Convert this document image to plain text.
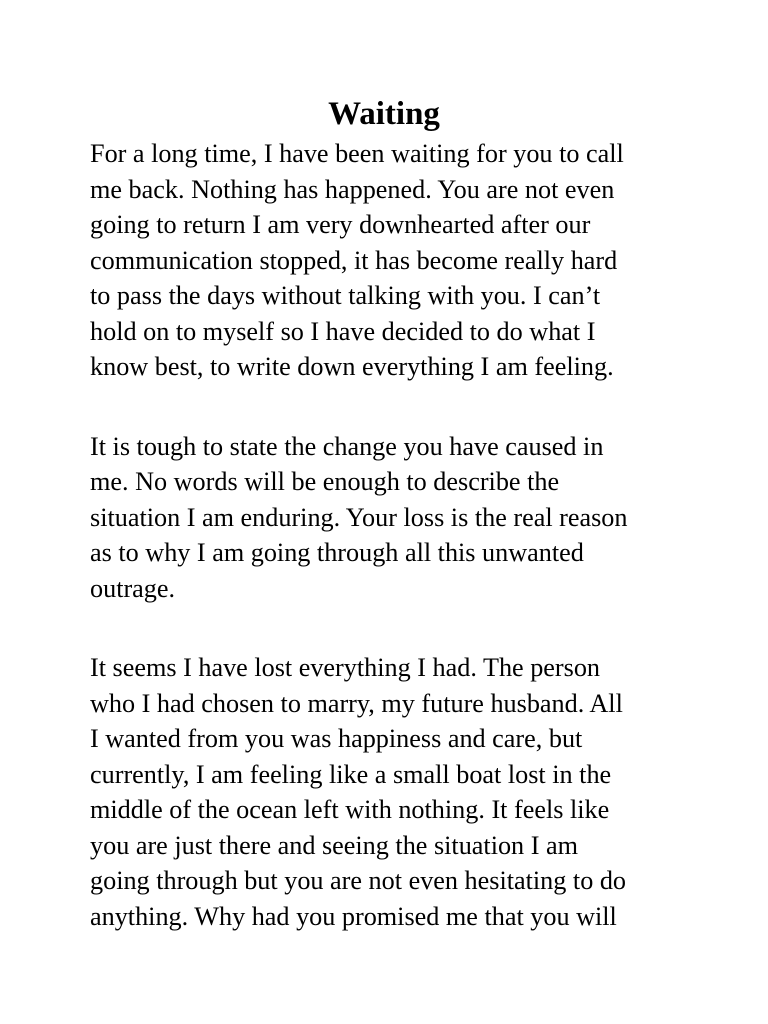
Waiting

For a long time, I have been waiting for you to call
me back. Nothing has happened. You are not even
going to return I am very downhearted after our
communication stopped, it has become really hard
to pass the days without talking with you. I can’t
hold on to myself so I have decided to do what I
know best, to write down everything I am feeling.

It is tough to state the change you have caused in
me. No words will be enough to describe the
situation I am enduring. Your loss is the real reason
as to why I am going through all this unwanted
outrage.

It seems I have lost everything I had. The person
who I had chosen to marry, my future husband. All
I wanted from you was happiness and care, but
currently, I am feeling like a small boat lost in the
middle of the ocean left with nothing. It feels like
you are just there and seeing the situation I am
going through but you are not even hesitating to do
anything. Why had you promised me that you will
